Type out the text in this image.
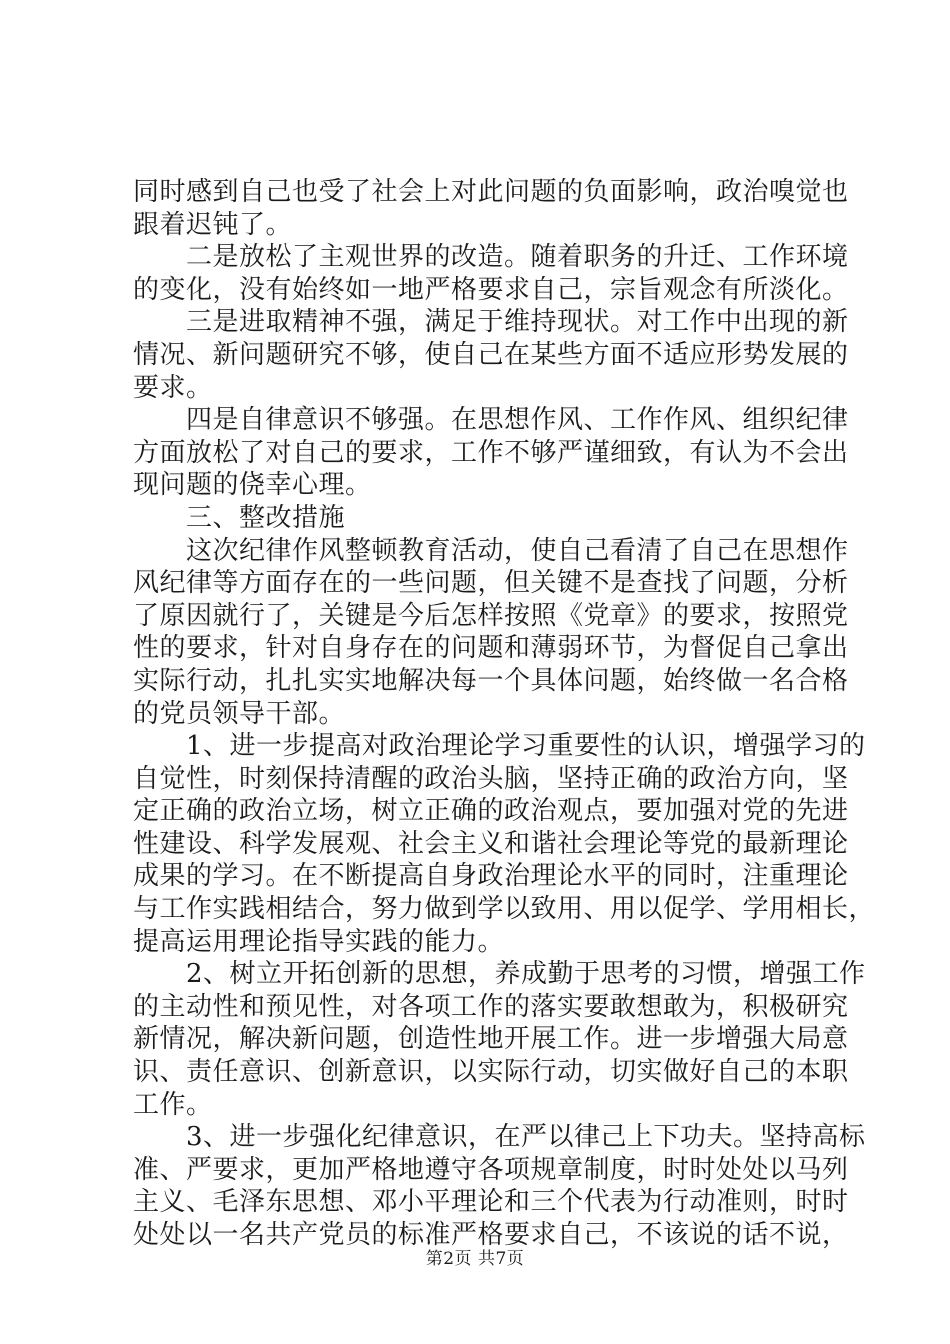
同时感到自己也受了社会上对此问题的负面影响，政治嗅觉也
跟着迟钝了。
　　二是放松了主观世界的改造。随着职务的升迁、工作环境
的变化，没有始终如一地严格要求自己，宗旨观念有所淡化。
　　三是进取精神不强，满足于维持现状。对工作中出现的新
情况、新问题研究不够，使自己在某些方面不适应形势发展的
要求。
　　四是自律意识不够强。在思想作风、工作作风、组织纪律
方面放松了对自己的要求，工作不够严谨细致，有认为不会出
现问题的侥幸心理。
　　三、整改措施
　　这次纪律作风整顿教育活动，使自己看清了自己在思想作
风纪律等方面存在的一些问题，但关键不是查找了问题，分析
了原因就行了，关键是今后怎样按照《党章》的要求，按照党
性的要求，针对自身存在的问题和薄弱环节，为督促自己拿出
实际行动，扎扎实实地解决每一个具体问题，始终做一名合格
的党员领导干部。
　　1、进一步提高对政治理论学习重要性的认识，增强学习的
自觉性，时刻保持清醒的政治头脑，坚持正确的政治方向，坚
定正确的政治立场，树立正确的政治观点，要加强对党的先进
性建设、科学发展观、社会主义和谐社会理论等党的最新理论
成果的学习。在不断提高自身政治理论水平的同时，注重理论
与工作实践相结合，努力做到学以致用、用以促学、学用相长，
提高运用理论指导实践的能力。
　　2、树立开拓创新的思想，养成勤于思考的习惯，增强工作
的主动性和预见性，对各项工作的落实要敢想敢为，积极研究
新情况，解决新问题，创造性地开展工作。进一步增强大局意
识、责任意识、创新意识，以实际行动，切实做好自己的本职
工作。
　　3、进一步强化纪律意识，在严以律己上下功夫。坚持高标
准、严要求，更加严格地遵守各项规章制度，时时处处以马列
主义、毛泽东思想、邓小平理论和三个代表为行动准则，时时
处处以一名共产党员的标准严格要求自己，不该说的话不说，
第2页 共7页
